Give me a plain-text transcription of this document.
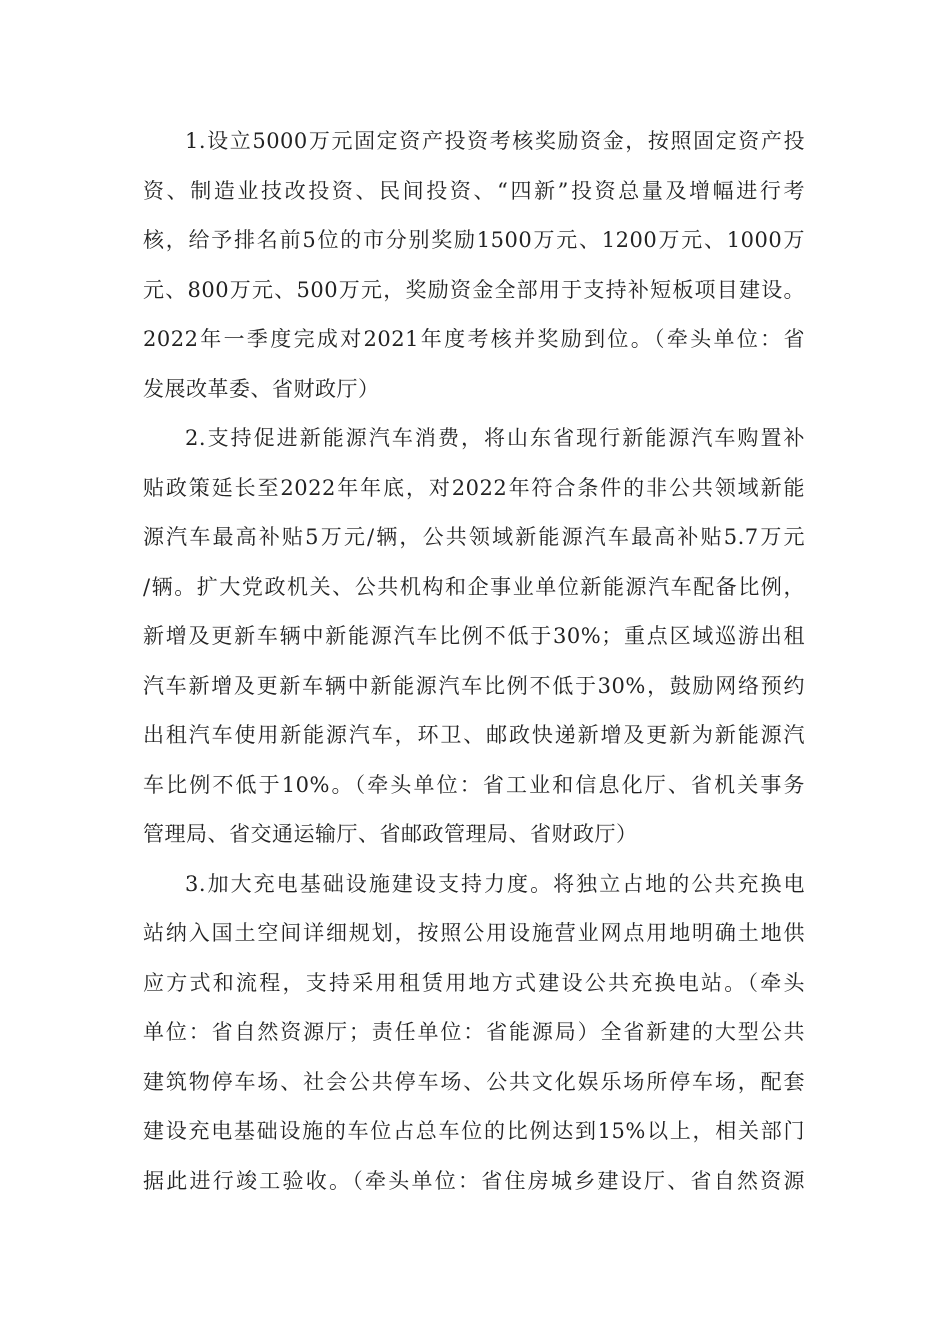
1.设立5000万元固定资产投资考核奖励资金，按照固定资产投
资、制造业技改投资、民间投资、“四新”投资总量及增幅进行考
核，给予排名前5位的市分别奖励1500万元、1200万元、1000万
元、800万元、500万元，奖励资金全部用于支持补短板项目建设。
2022年一季度完成对2021年度考核并奖励到位。（牵头单位：省
发展改革委、省财政厅）
2.支持促进新能源汽车消费，将山东省现行新能源汽车购置补
贴政策延长至2022年年底，对2022年符合条件的非公共领域新能
源汽车最高补贴5万元/辆，公共领域新能源汽车最高补贴5.7万元
/辆。扩大党政机关、公共机构和企事业单位新能源汽车配备比例，
新增及更新车辆中新能源汽车比例不低于30%；重点区域巡游出租
汽车新增及更新车辆中新能源汽车比例不低于30%，鼓励网络预约
出租汽车使用新能源汽车，环卫、邮政快递新增及更新为新能源汽
车比例不低于10%。（牵头单位：省工业和信息化厅、省机关事务
管理局、省交通运输厅、省邮政管理局、省财政厅）
3.加大充电基础设施建设支持力度。将独立占地的公共充换电
站纳入国土空间详细规划，按照公用设施营业网点用地明确土地供
应方式和流程，支持采用租赁用地方式建设公共充换电站。（牵头
单位：省自然资源厅；责任单位：省能源局）全省新建的大型公共
建筑物停车场、社会公共停车场、公共文化娱乐场所停车场，配套
建设充电基础设施的车位占总车位的比例达到15%以上，相关部门
据此进行竣工验收。（牵头单位：省住房城乡建设厅、省自然资源
